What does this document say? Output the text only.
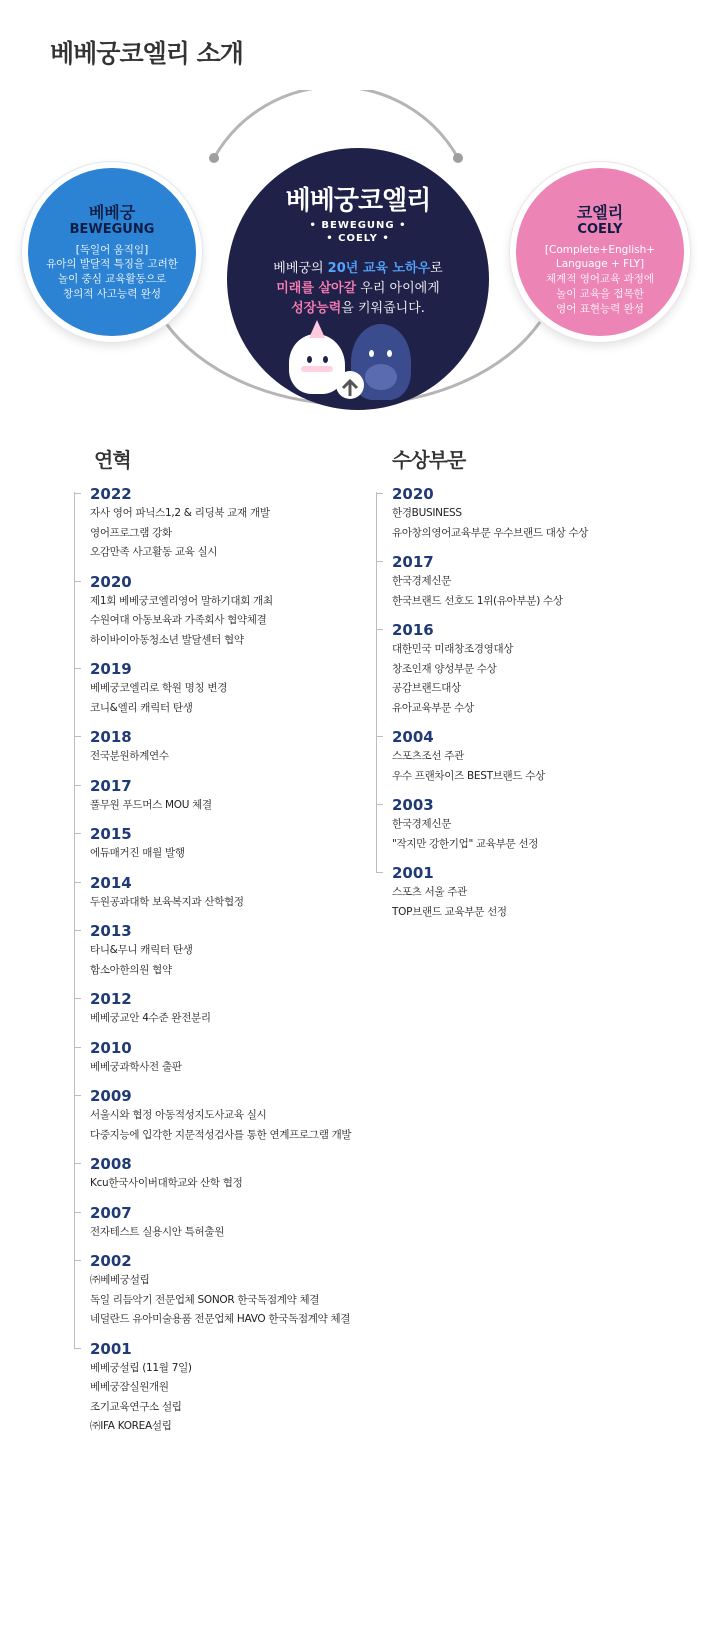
베베궁코엘리 소개
베베궁
BEWEGUNG
[독일어 움직임]
유아의 발달적 특징을 고려한
놀이 중심 교육활동으로
창의적 사고능력 완성
베베궁코엘리
• BEWEGUNG •
• COELY •
베베궁의 20년 교육 노하우로
미래를 살아갈 우리 아이에게
성장능력을 키워줍니다.
코엘리
COELY
[Complete+English+
Language + FLY]
체계적 영어교육 과정에
놀이 교육을 접목한
영어 표현능력 완성
연혁
2022
자사 영어 파닉스1,2 & 리딩북 교재 개발
영어프로그램 강화
오감만족 사고활동 교육 실시
2020
제1회 베베궁코엘리영어 말하기대회 개최
수원여대 아동보육과 가족회사 협약체결
하이바이아동청소년 발달센터 협약
2019
베베궁코엘리로 학원 명칭 변경
코니&엘리 캐릭터 탄생
2018
전국분원하계연수
2017
풀무원 푸드머스 MOU 체결
2015
에듀매거진 매월 발행
2014
두원공과대학 보육복지과 산학협정
2013
타니&무니 캐릭터 탄생
함소아한의원 협약
2012
베베궁교안 4수준 완전분리
2010
베베궁과학사전 출판
2009
서울시와 협정 아동적성지도사교육 실시
다중지능에 입각한 지문적성검사를 통한 연계프로그램 개발
2008
Kcu한국사이버대학교와 산학 협정
2007
전자테스트 실용시안 특허출원
2002
㈜베베궁설립
독일 리듬악기 전문업체 SONOR 한국독점계약 체결
네덜란드 유아미술용품 전문업체 HAVO 한국독점계약 체결
2001
베베궁설립 (11월 7일)
베베궁잠실원개원
조기교육연구소 설립
㈜IFA KOREA설립
수상부문
2020
한경BUSINESS
유아창의영어교육부문 우수브랜드 대상 수상
2017
한국경제신문
한국브랜드 선호도 1위(유아부분) 수상
2016
대한민국 미래창조경영대상
창조인재 양성부문 수상
공감브랜드대상
유아교육부문 수상
2004
스포츠조선 주관
우수 프랜차이즈 BEST브랜드 수상
2003
한국경제신문
"작지만 강한기업" 교육부문 선정
2001
스포츠 서울 주관
TOP브랜드 교육부문 선정
